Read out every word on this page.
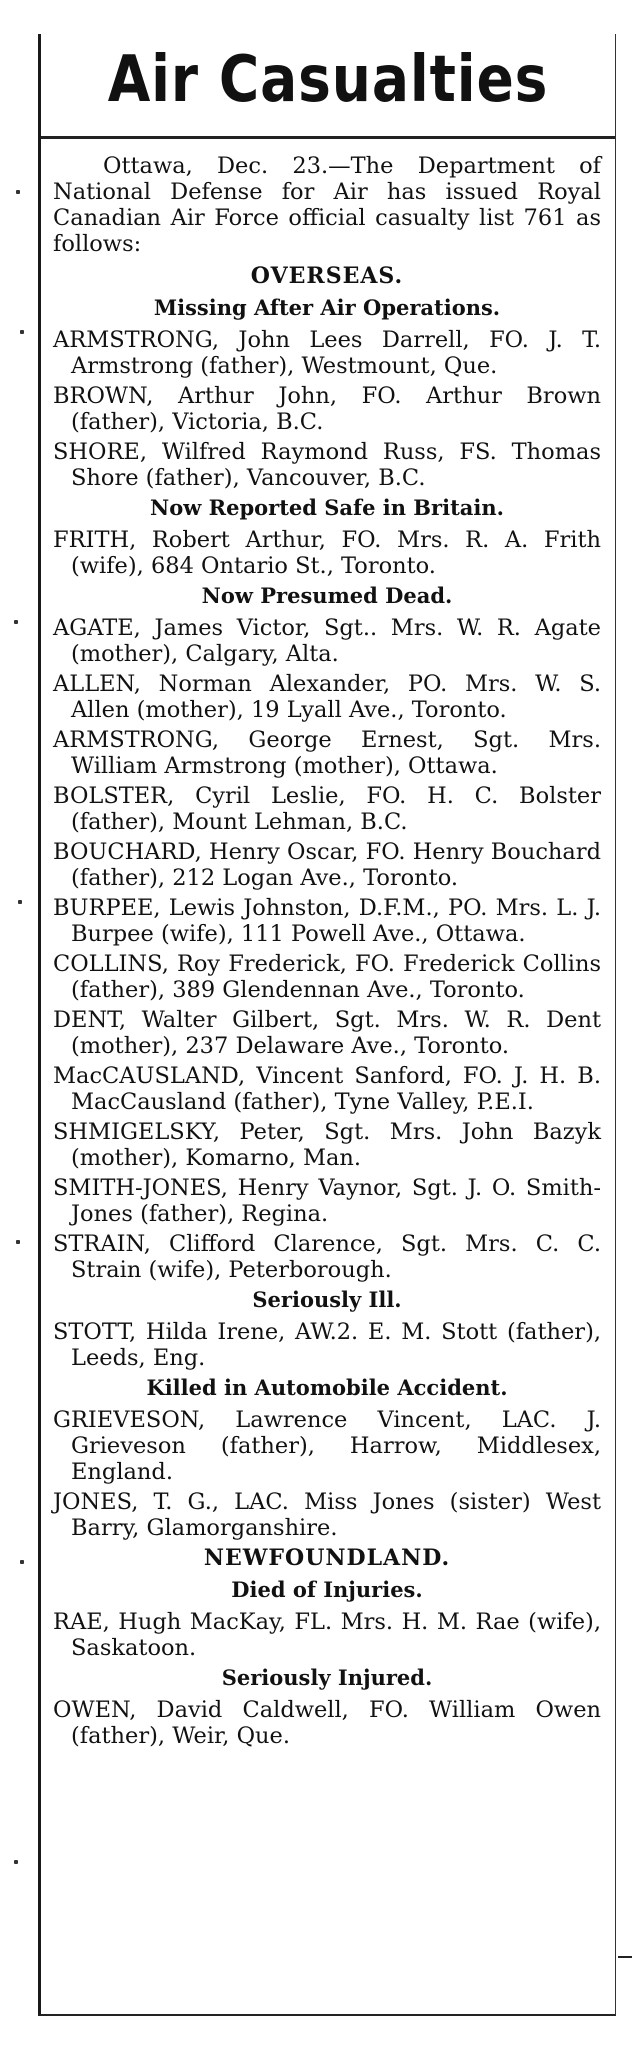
Air Casualties

Ottawa, Dec. 23.—The Department of National Defense for Air has issued Royal Canadian Air Force official casualty list 761 as follows:

OVERSEAS.

Missing After Air Operations.

ARMSTRONG, John Lees Darrell, FO. J. T. Armstrong (father), Westmount, Que.

BROWN, Arthur John, FO. Arthur Brown (father), Victoria, B.C.

SHORE, Wilfred Raymond Russ, FS. Thomas Shore (father), Vancouver, B.C.

Now Reported Safe in Britain.

FRITH, Robert Arthur, FO. Mrs. R. A. Frith (wife), 684 Ontario St., Toronto.

Now Presumed Dead.

AGATE, James Victor, Sgt.. Mrs. W. R. Agate (mother), Calgary, Alta.

ALLEN, Norman Alexander, PO. Mrs. W. S. Allen (mother), 19 Lyall Ave., Toronto.

ARMSTRONG, George Ernest, Sgt. Mrs. William Armstrong (mother), Ottawa.

BOLSTER, Cyril Leslie, FO. H. C. Bolster (father), Mount Lehman, B.C.

BOUCHARD, Henry Oscar, FO. Henry Bouchard (father), 212 Logan Ave., Toronto.

BURPEE, Lewis Johnston, D.F.M., PO. Mrs. L. J. Burpee (wife), 111 Powell Ave., Ottawa.

COLLINS, Roy Frederick, FO. Frederick Collins (father), 389 Glendennan Ave., Toronto.

DENT, Walter Gilbert, Sgt. Mrs. W. R. Dent (mother), 237 Delaware Ave., Toronto.

MacCAUSLAND, Vincent Sanford, FO. J. H. B. MacCausland (father), Tyne Valley, P.E.I.

SHMIGELSKY, Peter, Sgt. Mrs. John Bazyk (mother), Komarno, Man.

SMITH-JONES, Henry Vaynor, Sgt. J. O. Smith-Jones (father), Regina.

STRAIN, Clifford Clarence, Sgt. Mrs. C. C. Strain (wife), Peterborough.

Seriously Ill.

STOTT, Hilda Irene, AW.2. E. M. Stott (father), Leeds, Eng.

Killed in Automobile Accident.

GRIEVESON, Lawrence Vincent, LAC. J. Grieveson (father), Harrow, Middlesex, England.

JONES, T. G., LAC. Miss Jones (sister) West Barry, Glamorganshire.

NEWFOUNDLAND.

Died of Injuries.

RAE, Hugh MacKay, FL. Mrs. H. M. Rae (wife), Saskatoon.

Seriously Injured.

OWEN, David Caldwell, FO. William Owen (father), Weir, Que.
